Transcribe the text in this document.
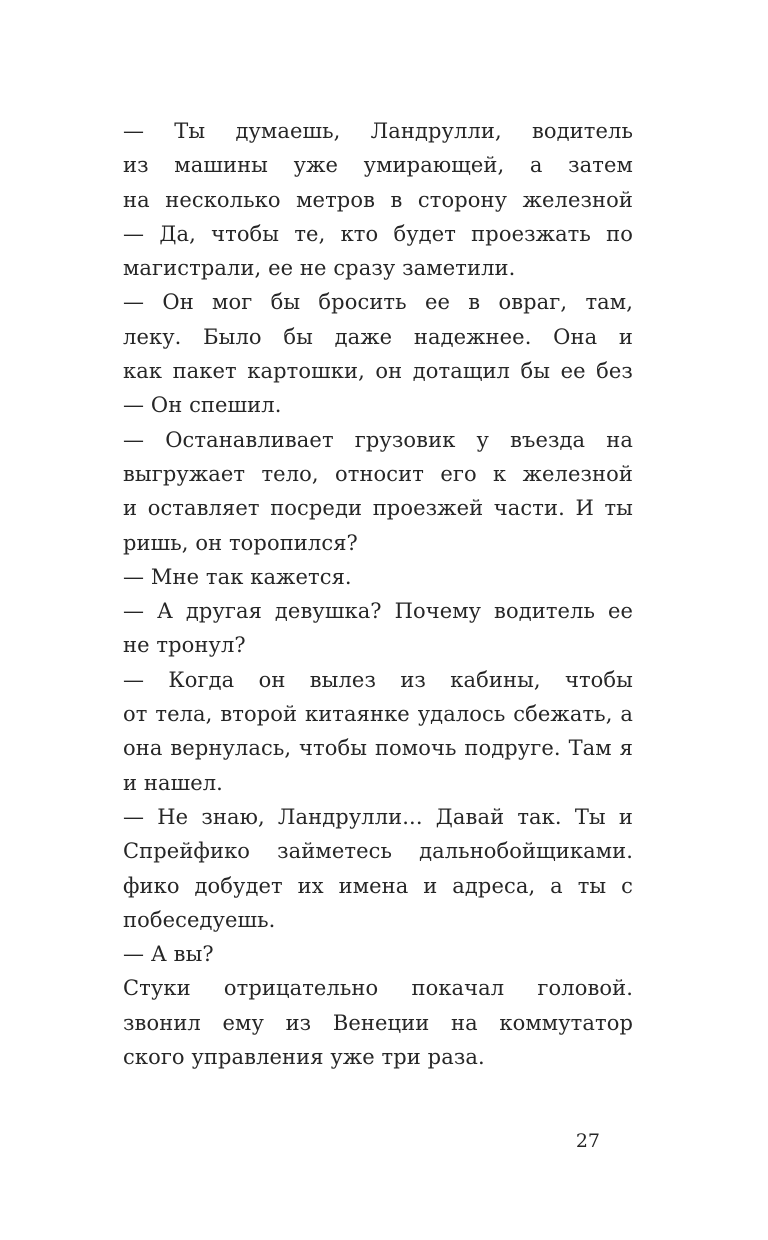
— Ты думаешь, Ландрулли, водитель
из машины уже умирающей, а затем
на несколько метров в сторону железной
— Да, чтобы те, кто будет проезжать по
магистрали, ее не сразу заметили.
— Он мог бы бросить ее в овраг, там,
леку. Было бы даже надежнее. Она и
как пакет картошки, он дотащил бы ее без
— Он спешил.
— Останавливает грузовик у въезда на
выгружает тело, относит его к железной
и оставляет посреди проезжей части. И ты
ришь, он торопился?
— Мне так кажется.
— А другая девушка? Почему водитель ее
не тронул?
— Когда он вылез из кабины, чтобы
от тела, второй китаянке удалось сбежать, а
она вернулась, чтобы помочь подруге. Там я
и нашел.
— Не знаю, Ландрулли... Давай так. Ты и
Спрейфико займетесь дальнобойщиками.
фико добудет их имена и адреса, а ты с
побеседуешь.
— А вы?
Стуки отрицательно покачал головой.
звонил ему из Венеции на коммутатор
ского управления уже три раза.
27
